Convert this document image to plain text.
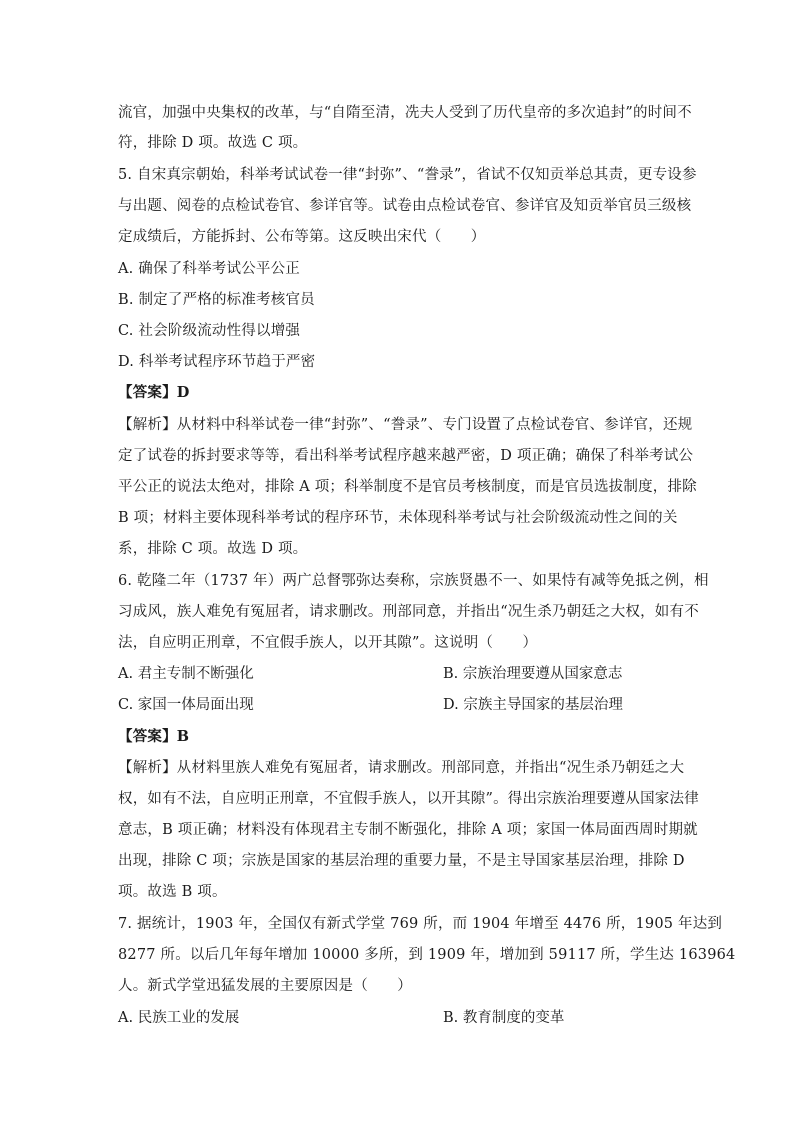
流官，加强中央集权的改革，与“自隋至清，冼夫人受到了历代皇帝的多次追封”的时间不
符，排除 D 项。故选 C 项。
5. 自宋真宗朝始，科举考试试卷一律“封弥”、“誊录”，省试不仅知贡举总其责，更专设参
与出题、阅卷的点检试卷官、参详官等。试卷由点检试卷官、参详官及知贡举官员三级核
定成绩后，方能拆封、公布等第。这反映出宋代（　　）
A. 确保了科举考试公平公正
B. 制定了严格的标准考核官员
C. 社会阶级流动性得以增强
D. 科举考试程序环节趋于严密
【答案】D
【解析】从材料中科举试卷一律“封弥”、“誊录”、专门设置了点检试卷官、参详官，还规
定了试卷的拆封要求等等，看出科举考试程序越来越严密，D 项正确；确保了科举考试公
平公正的说法太绝对，排除 A 项；科举制度不是官员考核制度，而是官员选拔制度，排除
B 项；材料主要体现科举考试的程序环节，未体现科举考试与社会阶级流动性之间的关
系，排除 C 项。故选 D 项。
6. 乾隆二年（1737 年）两广总督鄂弥达奏称，宗族贤愚不一、如果恃有减等免抵之例，相
习成风，族人难免有冤屈者，请求删改。刑部同意，并指出“况生杀乃朝廷之大权，如有不
法，自应明正刑章，不宜假手族人，以开其隙”。这说明（　　）
A. 君主专制不断强化	B. 宗族治理要遵从国家意志
C. 家国一体局面出现	D. 宗族主导国家的基层治理
【答案】B
【解析】从材料里族人难免有冤屈者，请求删改。刑部同意，并指出“况生杀乃朝廷之大
权，如有不法，自应明正刑章，不宜假手族人，以开其隙”。得出宗族治理要遵从国家法律
意志，B 项正确；材料没有体现君主专制不断强化，排除 A 项；家国一体局面西周时期就
出现，排除 C 项；宗族是国家的基层治理的重要力量，不是主导国家基层治理，排除 D
项。故选 B 项。
7. 据统计，1903 年，全国仅有新式学堂 769 所，而 1904 年增至 4476 所，1905 年达到
8277 所。以后几年每年增加 10000 多所，到 1909 年，增加到 59117 所，学生达 163964
人。新式学堂迅猛发展的主要原因是（　　）
A. 民族工业的发展	B. 教育制度的变革
